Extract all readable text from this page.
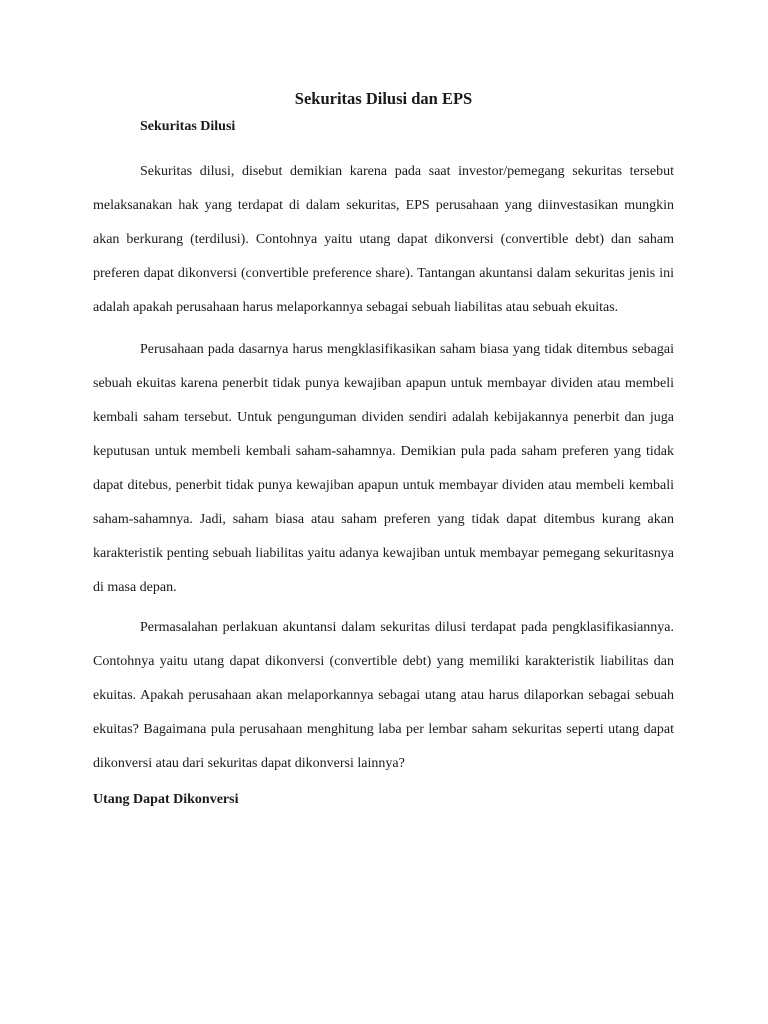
Sekuritas Dilusi dan EPS
Sekuritas Dilusi

Sekuritas dilusi, disebut demikian karena pada saat investor/pemegang sekuritas tersebut melaksanakan hak yang terdapat di dalam sekuritas, EPS perusahaan yang diinvestasikan mungkin akan berkurang (terdilusi). Contohnya yaitu utang dapat dikonversi (convertible debt) dan saham preferen dapat dikonversi (convertible preference share). Tantangan akuntansi dalam sekuritas jenis ini adalah apakah perusahaan harus melaporkannya sebagai sebuah liabilitas atau sebuah ekuitas.

Perusahaan pada dasarnya harus mengklasifikasikan saham biasa yang tidak ditembus sebagai sebuah ekuitas karena penerbit tidak punya kewajiban apapun untuk membayar dividen atau membeli kembali saham tersebut. Untuk pengunguman dividen sendiri adalah kebijakannya penerbit dan juga keputusan untuk membeli kembali saham-sahamnya. Demikian pula pada saham preferen yang tidak dapat ditebus, penerbit tidak punya kewajiban apapun untuk membayar dividen atau membeli kembali saham-sahamnya. Jadi, saham biasa atau saham preferen yang tidak dapat ditembus kurang akan karakteristik penting sebuah liabilitas yaitu adanya kewajiban untuk membayar pemegang sekuritasnya di masa depan.

Permasalahan perlakuan akuntansi dalam sekuritas dilusi terdapat pada pengklasifikasiannya. Contohnya yaitu utang dapat dikonversi (convertible debt) yang memiliki karakteristik liabilitas dan ekuitas. Apakah perusahaan akan melaporkannya sebagai utang atau harus dilaporkan sebagai sebuah ekuitas? Bagaimana pula perusahaan menghitung laba per lembar saham sekuritas seperti utang dapat dikonversi atau dari sekuritas dapat dikonversi lainnya?

Utang Dapat Dikonversi
